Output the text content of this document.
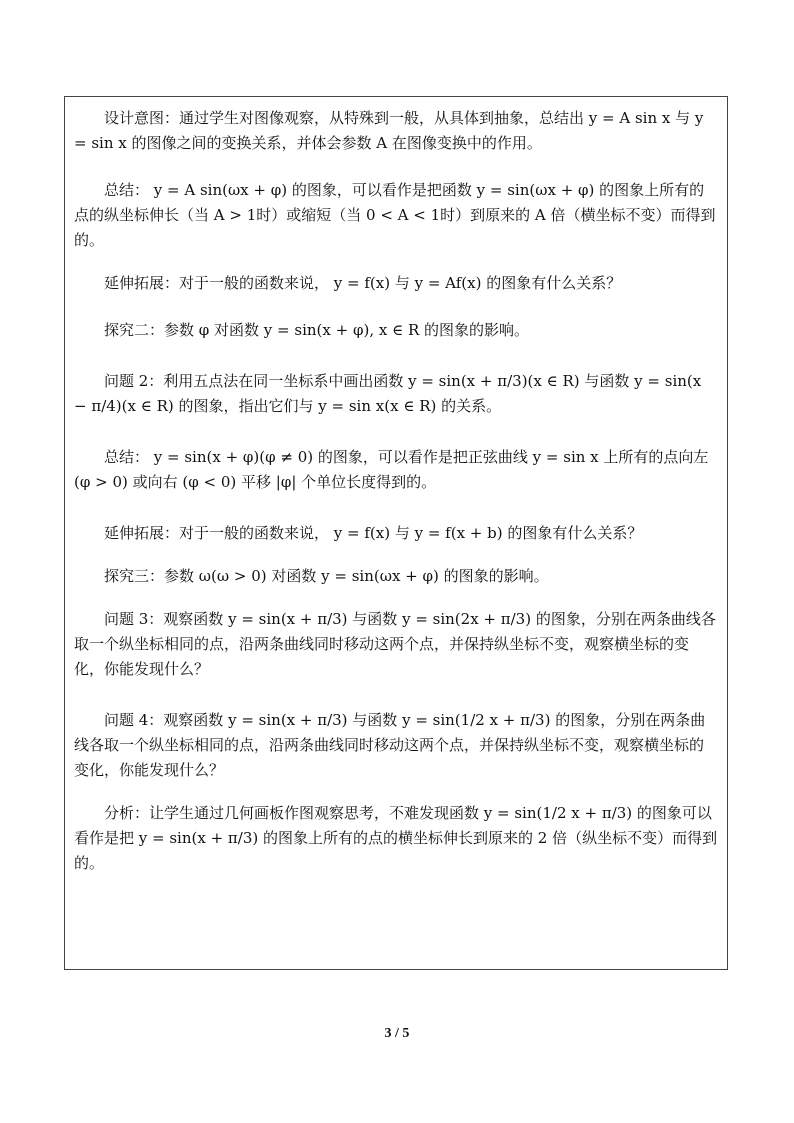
设计意图：通过学生对图像观察，从特殊到一般，从具体到抽象，总结出 y = A sin x 与 y = sin x 的图像之间的变换关系，并体会参数 A 在图像变换中的作用。

总结： y = A sin(ωx + φ) 的图象，可以看作是把函数 y = sin(ωx + φ) 的图象上所有的点的纵坐标伸长（当 A > 1时）或缩短（当 0 < A < 1时）到原来的 A 倍（横坐标不变）而得到的。

延伸拓展：对于一般的函数来说， y = f(x) 与 y = Af(x) 的图象有什么关系？

探究二：参数 φ 对函数 y = sin(x + φ), x ∈ R 的图象的影响。

问题 2：利用五点法在同一坐标系中画出函数 y = sin(x + π/3)(x ∈ R) 与函数 y = sin(x − π/4)(x ∈ R) 的图象，指出它们与 y = sin x(x ∈ R) 的关系。

总结： y = sin(x + φ)(φ ≠ 0) 的图象，可以看作是把正弦曲线 y = sin x 上所有的点向左 (φ > 0) 或向右 (φ < 0) 平移 |φ| 个单位长度得到的。

延伸拓展：对于一般的函数来说， y = f(x) 与 y = f(x + b) 的图象有什么关系？

探究三：参数 ω(ω > 0) 对函数 y = sin(ωx + φ) 的图象的影响。

问题 3：观察函数 y = sin(x + π/3) 与函数 y = sin(2x + π/3) 的图象，分别在两条曲线各取一个纵坐标相同的点，沿两条曲线同时移动这两个点，并保持纵坐标不变，观察横坐标的变化，你能发现什么？

问题 4：观察函数 y = sin(x + π/3) 与函数 y = sin(1/2 x + π/3) 的图象，分别在两条曲线各取一个纵坐标相同的点，沿两条曲线同时移动这两个点，并保持纵坐标不变，观察横坐标的变化，你能发现什么？

分析：让学生通过几何画板作图观察思考，不难发现函数 y = sin(1/2 x + π/3) 的图象可以看作是把 y = sin(x + π/3) 的图象上所有的点的横坐标伸长到原来的 2 倍（纵坐标不变）而得到的。

3 / 5
